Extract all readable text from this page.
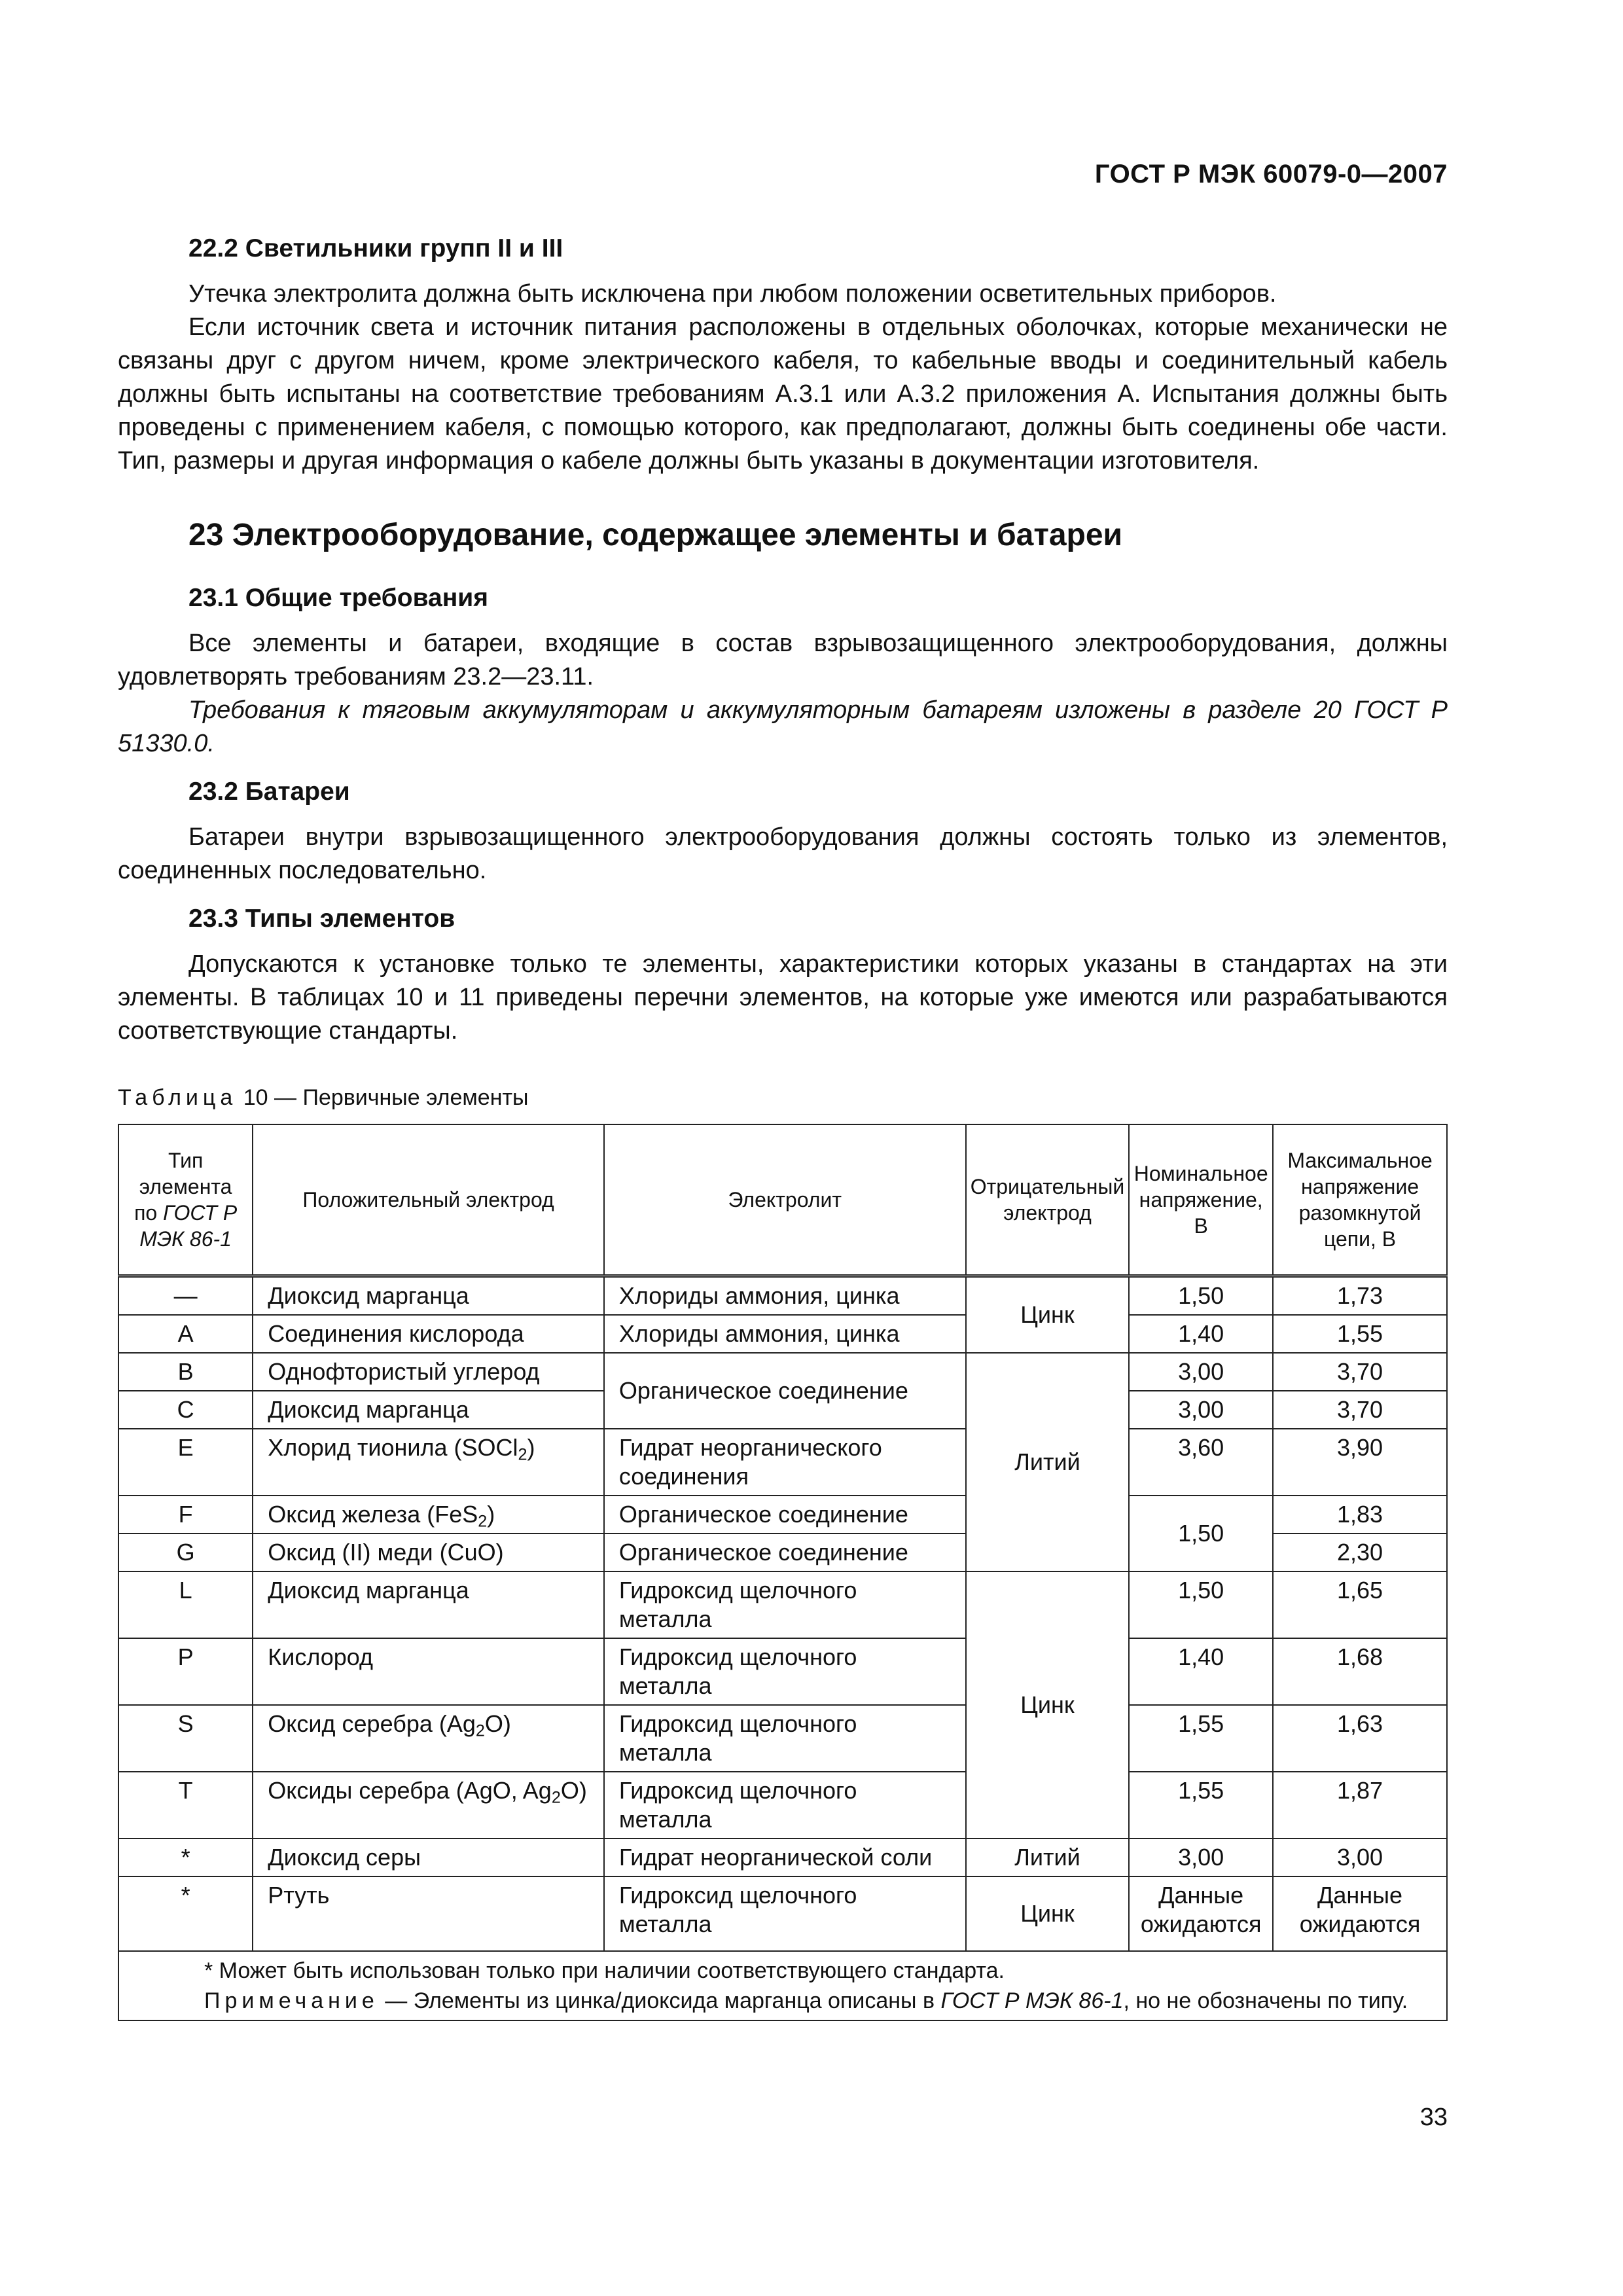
ГОСТ Р МЭК 60079-0—2007
22.2 Светильники групп II и III

Утечка электролита должна быть исключена при любом положении осветительных приборов.

Если источник света и источник питания расположены в отдельных оболочках, которые механически не связаны друг с другом ничем, кроме электрического кабеля, то кабельные вводы и соединительный кабель должны быть испытаны на соответствие требованиям А.3.1 или А.3.2 приложения А. Испытания должны быть проведены с применением кабеля, с помощью которого, как предполагают, должны быть соединены обе части. Тип, размеры и другая информация о кабеле должны быть указаны в документации изготовителя.

23 Электрооборудование, содержащее элементы и батареи
23.1 Общие требования

Все элементы и батареи, входящие в состав взрывозащищенного электрооборудования, должны удовлетворять требованиям 23.2—23.11.

Требования к тяговым аккумуляторам и аккумуляторным батареям изложены в разделе 20 ГОСТ Р 51330.0.

23.2 Батареи

Батареи внутри взрывозащищенного электрооборудования должны состоять только из элементов, соединенных последовательно.

23.3 Типы элементов

Допускаются к установке только те элементы, характеристики которых указаны в стандартах на эти элементы. В таблицах 10 и 11 приведены перечни элементов, на которые уже имеются или разрабатываются соответствующие стандарты.

Таблица 10 — Первичные элементы
Тип
элемента
по ГОСТ Р МЭК 86-1	Положительный электрод	Электролит	Отрицательный электрод	Номинальное напряжение, В	Максимальное напряжение разомкнутой цепи, В
—	Диоксид марганца	Хлориды аммония, цинка	Цинк	1,50	1,73
A	Соединения кислорода	Хлориды аммония, цинка		1,40	1,55
B	Однофтористый углерод	Органическое соединение	Литий	3,00	3,70
C	Диоксид марганца			3,00	3,70
E	Хлорид тионила (SOCl$_2$)	Гидрат неорганического соединения		3,60	3,90
F	Оксид железа (FeS$_2$)	Органическое соединение		1,50	1,83
G	Оксид (II) меди (CuO)	Органическое соединение			2,30
L	Диоксид марганца	Гидроксид щелочного металла	Цинк	1,50	1,65
P	Кислород	Гидроксид щелочного металла		1,40	1,68
S	Оксид серебра $(Ag_2O)$	Гидроксид щелочного металла		1,55	1,63
T	Оксиды серебра (AgO, $Ag_2O$)	Гидроксид щелочного металла		1,55	1,87
*	Диоксид серы	Гидрат неорганической соли	Литий	3,00	3,00
*	Ртуть	Гидроксид щелочного металла	Цинк	Данные ожидаются	Данные ожидаются

* Может быть использован только при наличии соответствующего стандарта.

Примечание — Элементы из цинка/диоксида марганца описаны в ГОСТ Р МЭК 86-1, но не обозначены по типу.					

33
